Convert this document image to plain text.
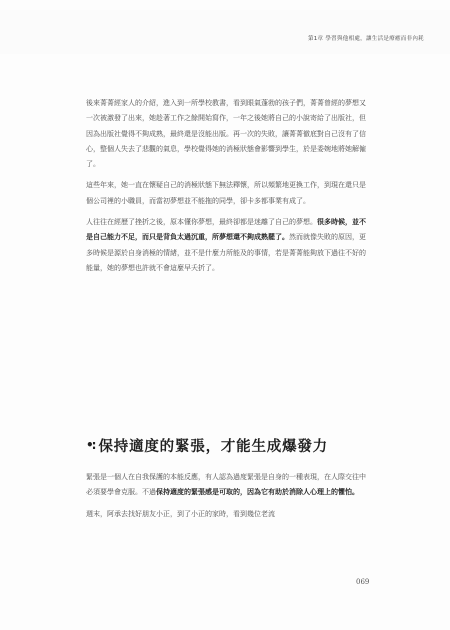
第1章 學習與他相處，讓生活是療癒而非內耗

後來菁菁經家人的介紹，進入到一所學校教書，看到眼氣蓬勃的孩子們，菁菁曾經的夢想又一次被激發了出來，她趁著工作之餘開始寫作，一年之後她將自己的小說寄給了出版社，但因為出版社覺得不夠成熟，最終還是沒能出版。再一次的失敗，讓菁菁徹底對自己沒有了信心，整個人失去了悲觀的氣息，學校覺得她的消極狀態會影響到學生，於是委婉地將她解僱了。

這些年來，她一直在懷疑自己的消極狀態下無法釋懷，所以頻繁地更換工作，到現在還只是個公司裡的小職員，而當初夢想並不能拖的同學，卻卡多都事業有成了。

人往往在經歷了挫折之後，原本懂你夢想，最終卻都是迷離了自己的夢想。很多時候，並不是自己能力不足，而只是背負太過沉重，所夢想還不夠成熟罷了。然而就像失敗的原因，更多時候是源於自身消極的情緒，並不是什麼力所能及的事情，若是菁菁能夠放下過往不好的能量，她的夢想也許就不會這麼早夭折了。

•: 保持適度的緊張，才能生成爆發力

緊張是一個人在自我保護的本能反應，有人認為過度緊張是自身的一種表現，在人際交往中必須要學會克服。不過保持適度的緊張感是可取的，因為它有助於消除人心理上的懼怕。

週末，阿承去找好朋友小正，到了小正的家時，看到幾位老流

069
